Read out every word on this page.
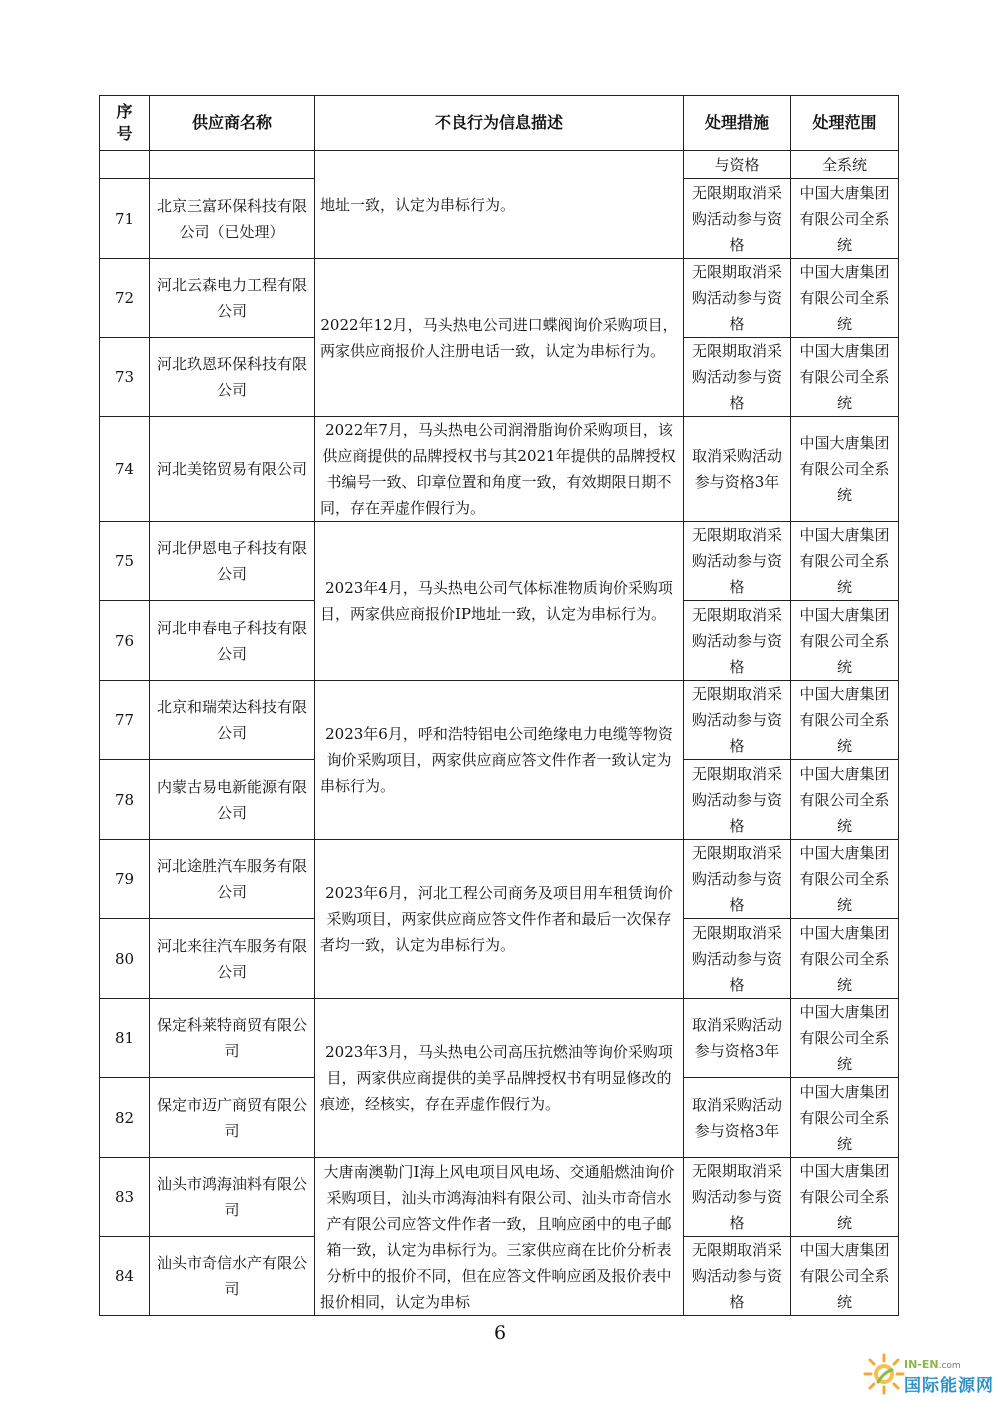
序
号	供应商名称	不良行为信息描述	处理措施	处理范围
		地址一致，认定为串标行为。	与资格	全系统
71	北京三富环保科技有限公司（已处理）		无限期取消采购活动参与资格	中国大唐集团有限公司全系统
72	河北云森电力工程有限公司	2022年12月，马头热电公司进口蝶阀询价采购项目，两家供应商报价人注册电话一致，认定为串标行为。	无限期取消采购活动参与资格	中国大唐集团有限公司全系统
73	河北玖恩环保科技有限公司		无限期取消采购活动参与资格	中国大唐集团有限公司全系统
74	河北美铭贸易有限公司	2022年7月，马头热电公司润滑脂询价采购项目，该供应商提供的品牌授权书与其2021年提供的品牌授权书编号一致、印章位置和角度一致，有效期限日期不同，存在弄虚作假行为。	取消采购活动参与资格3年	中国大唐集团有限公司全系统
75	河北伊恩电子科技有限公司	2023年4月，马头热电公司气体标准物质询价采购项目，两家供应商报价IP地址一致，认定为串标行为。	无限期取消采购活动参与资格	中国大唐集团有限公司全系统
76	河北申春电子科技有限公司		无限期取消采购活动参与资格	中国大唐集团有限公司全系统
77	北京和瑞荣达科技有限公司	2023年6月，呼和浩特铝电公司绝缘电力电缆等物资询价采购项目，两家供应商应答文件作者一致认定为串标行为。	无限期取消采购活动参与资格	中国大唐集团有限公司全系统
78	内蒙古易电新能源有限公司		无限期取消采购活动参与资格	中国大唐集团有限公司全系统
79	河北途胜汽车服务有限公司	2023年6月，河北工程公司商务及项目用车租赁询价采购项目，两家供应商应答文件作者和最后一次保存者均一致，认定为串标行为。	无限期取消采购活动参与资格	中国大唐集团有限公司全系统
80	河北来往汽车服务有限公司		无限期取消采购活动参与资格	中国大唐集团有限公司全系统
81	保定科莱特商贸有限公司	2023年3月，马头热电公司高压抗燃油等询价采购项目，两家供应商提供的美孚品牌授权书有明显修改的痕迹，经核实，存在弄虚作假行为。	取消采购活动参与资格3年	中国大唐集团有限公司全系统
82	保定市迈广商贸有限公司		取消采购活动参与资格3年	中国大唐集团有限公司全系统
83	汕头市鸿海油料有限公司	大唐南澳勒门I海上风电项目风电场、交通船燃油询价采购项目，汕头市鸿海油料有限公司、汕头市奇信水产有限公司应答文件作者一致，且响应函中的电子邮箱一致，认定为串标行为。三家供应商在比价分析表分析中的报价不同，但在应答文件响应函及报价表中报价相同，认定为串标	无限期取消采购活动参与资格	中国大唐集团有限公司全系统
84	汕头市奇信水产有限公司		无限期取消采购活动参与资格	中国大唐集团有限公司全系统
6
IN-EN.com
国际能源网
